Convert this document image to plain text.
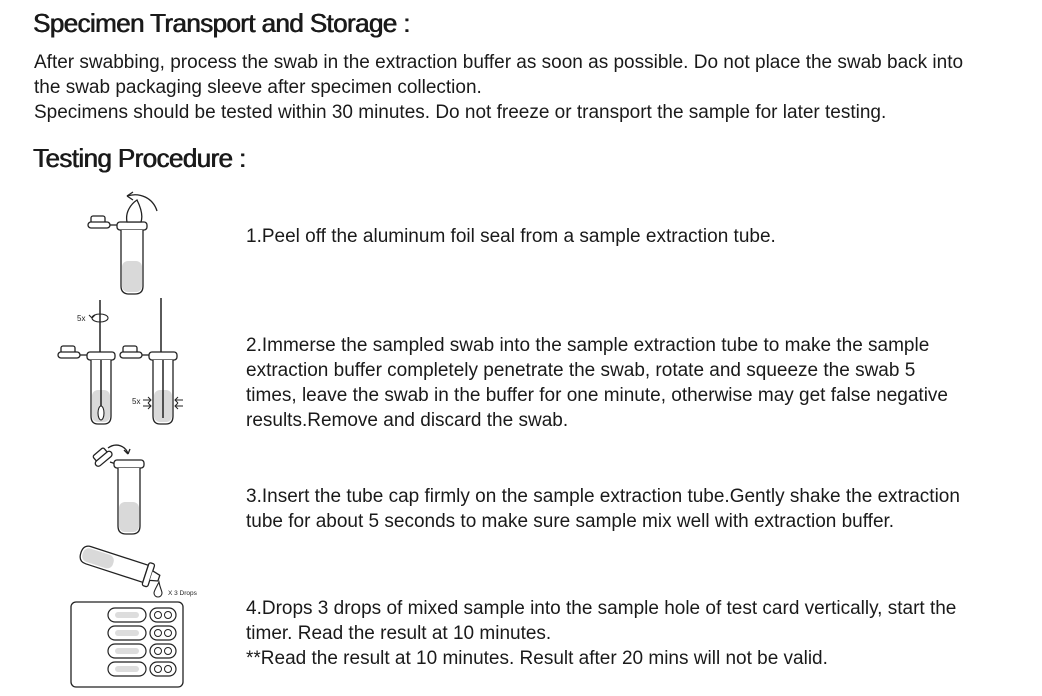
Specimen Transport and Storage :

After swabbing, process the swab in the extraction buffer as soon as possible. Do not place the swab back into

the swab packaging sleeve after specimen collection.

Specimens should be tested within 30 minutes. Do not freeze or transport the sample for later testing.

Testing Procedure :

1.Peel off the aluminum foil seal from a sample extraction tube.

5x
5x

2.Immerse the sampled swab into the sample extraction tube to make the sample

extraction buffer completely penetrate the swab, rotate and squeeze the swab 5

times, leave the swab in the buffer for one minute, otherwise may get false negative

results.Remove and discard the swab.

3.Insert the tube cap firmly on the sample extraction tube.Gently shake the extraction

tube for about 5 seconds to make sure sample mix well with extraction buffer.

X 3 Drops

4.Drops 3 drops of mixed sample into the sample hole of test card vertically, start the

timer. Read the result at 10 minutes.

**Read the result at 10 minutes. Result after 20 mins will not be valid.
